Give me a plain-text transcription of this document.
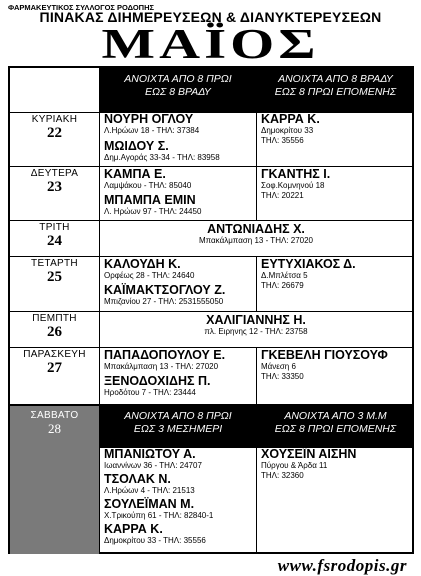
ΦΑΡΜΑΚΕΥΤΙΚΟΣ ΣΥΛΛΟΓΟΣ ΡΟΔΟΠΗΣ
ΠΙΝΑΚΑΣ ΔΙΗΜΕΡΕΥΣΕΩΝ & ΔΙΑΝΥΚΤΕΡΕΥΣΕΩΝ
ΜΑΪΟΣ
ΑΝΟΙΧΤΑ ΑΠΟ 8 ΠΡΩΙ
ΕΩΣ 8 ΒΡΑΔΥ
ΑΝΟΙΧΤΑ ΑΠΟ 8 ΒΡΑΔΥ
ΕΩΣ 8 ΠΡΩΙ ΕΠΟΜΕΝΗΣ
ΚΥΡΙΑΚΗ
22
ΝΟΥΡΗ ΟΓΛΟΥ
Λ.Ηρώων 18 - ΤΗΛ: 37384
ΜΩΙΔΟΥ Σ.
Δημ.Αγοράς 33-34 - ΤΗΛ: 83958
ΚΑΡΡΑ Κ.
Δημοκρίτου 33
ΤΗΛ: 35556
ΔΕΥΤΕΡΑ
23
ΚΑΜΠΑ Ε.
Λαμψάκου - ΤΗΛ: 85040
ΜΠΑΜΠΑ ΕΜΙΝ
Λ. Ηρώων 97 - ΤΗΛ: 24450
ΓΚΑΝΤΗΣ Ι.
Σοφ.Κομνηνού 18
ΤΗΛ: 20221
ΤΡΙΤΗ
24
ΑΝΤΩΝΙΑΔΗΣ Χ.
Μπακάλμπαση 13 - ΤΗΛ: 27020
ΤΕΤΑΡΤΗ
25
ΚΑΛΟΥΔΗ Κ.
Ορφέως 28 - ΤΗΛ: 24640
ΚΑΪΜΑΚΤΣΟΓΛΟΥ Ζ.
Μπιζανίου 27 - ΤΗΛ: 2531555050
ΕΥΤΥΧΙΑΚΟΣ Δ.
Δ.Μπλέτσα 5
ΤΗΛ: 26679
ΠΕΜΠΤΗ
26
ΧΑΛΙΓΙΑΝΝΗΣ Η.
πλ. Ειρηνης 12 - ΤΗΛ: 23758
ΠΑΡΑΣΚΕΥΗ
27
ΠΑΠΑΔΟΠΟΥΛΟΥ Ε.
Μπακάλμπαση 13 - ΤΗΛ: 27020
ΞΕΝΟΔΟΧΙΔΗΣ Π.
Ηροδότου 7 - ΤΗΛ: 23444
ΓΚΕΒΕΛΗ ΓΙΟΥΣΟΥΦ
Μάνεση 6
ΤΗΛ: 33350
ΣΑΒΒΑΤΟ
28
ΑΝΟΙΧΤΑ ΑΠΟ 8 ΠΡΩΙ
ΕΩΣ 3 ΜΕΣΗΜΕΡΙ
ΑΝΟΙΧΤΑ ΑΠΟ 3 Μ.Μ
ΕΩΣ 8 ΠΡΩΙ ΕΠΟΜΕΝΗΣ
ΜΠΑΝΙΩΤΟΥ Α.
Ιωαννίνων 36 - ΤΗΛ: 24707
ΤΣΟΛΑΚ Ν.
Λ.Ηρώων 4 - ΤΗΛ: 21513
ΣΟΥΛΕΪΜΑΝ Μ.
Χ.Τρικούπη 61 - ΤΗΛ: 82840-1
ΚΑΡΡΑ Κ.
Δημοκρίτου 33 - ΤΗΛ: 35556
ΧΟΥΣΕΪΝ ΑΙΣΗΝ
Πύργου & Άρδα 11
ΤΗΛ: 32360
www.fsrodopis.gr
